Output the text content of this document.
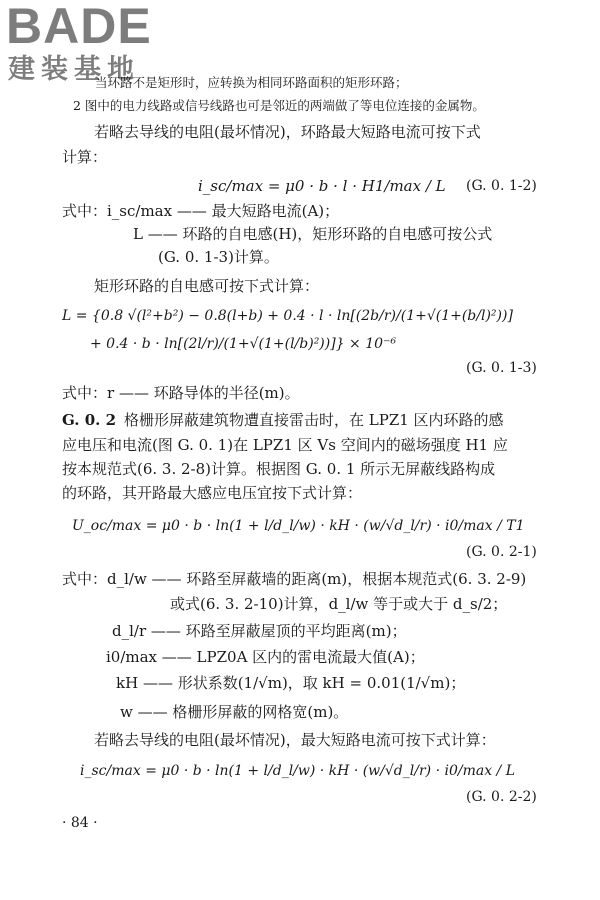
BADE
建装基地
当环路不是矩形时，应转换为相同环路面积的矩形环路；
2 图中的电力线路或信号线路也可是邻近的两端做了等电位连接的金属物。
若略去导线的电阻(最坏情况)，环路最大短路电流可按下式
计算：
i_sc/max = μ0 · b · l · H1/max / L (G. 0. 1-2)
式中：i_sc/max —— 最大短路电流(A)；
L —— 环路的自电感(H)，矩形环路的自电感可按公式
(G. 0. 1-3)计算。
矩形环路的自电感可按下式计算：
L = {0.8 √(l²+b²) − 0.8(l+b) + 0.4 · l · ln[(2b/r)/(1+√(1+(b/l)²))]
+ 0.4 · b · ln[(2l/r)/(1+√(1+(l/b)²))]} × 10⁻⁶
(G. 0. 1-3)
式中：r —— 环路导体的半径(m)。
G. 0. 2 格栅形屏蔽建筑物遭直接雷击时，在 LPZ1 区内环路的感
应电压和电流(图 G. 0. 1)在 LPZ1 区 Vs 空间内的磁场强度 H1 应
按本规范式(6. 3. 2-8)计算。根据图 G. 0. 1 所示无屏蔽线路构成
的环路，其开路最大感应电压宜按下式计算：
U_oc/max = μ0 · b · ln(1 + l/d_l/w) · kH · (w/√d_l/r) · i0/max / T1
(G. 0. 2-1)
式中：d_l/w —— 环路至屏蔽墙的距离(m)，根据本规范式(6. 3. 2-9)
或式(6. 3. 2-10)计算，d_l/w 等于或大于 d_s/2；
d_l/r —— 环路至屏蔽屋顶的平均距离(m)；
i0/max —— LPZ0A 区内的雷电流最大值(A)；
kH —— 形状系数(1/√m)，取 kH = 0.01(1/√m)；
w —— 格栅形屏蔽的网格宽(m)。
若略去导线的电阻(最坏情况)，最大短路电流可按下式计算：
i_sc/max = μ0 · b · ln(1 + l/d_l/w) · kH · (w/√d_l/r) · i0/max / L
(G. 0. 2-2)
· 84 ·
